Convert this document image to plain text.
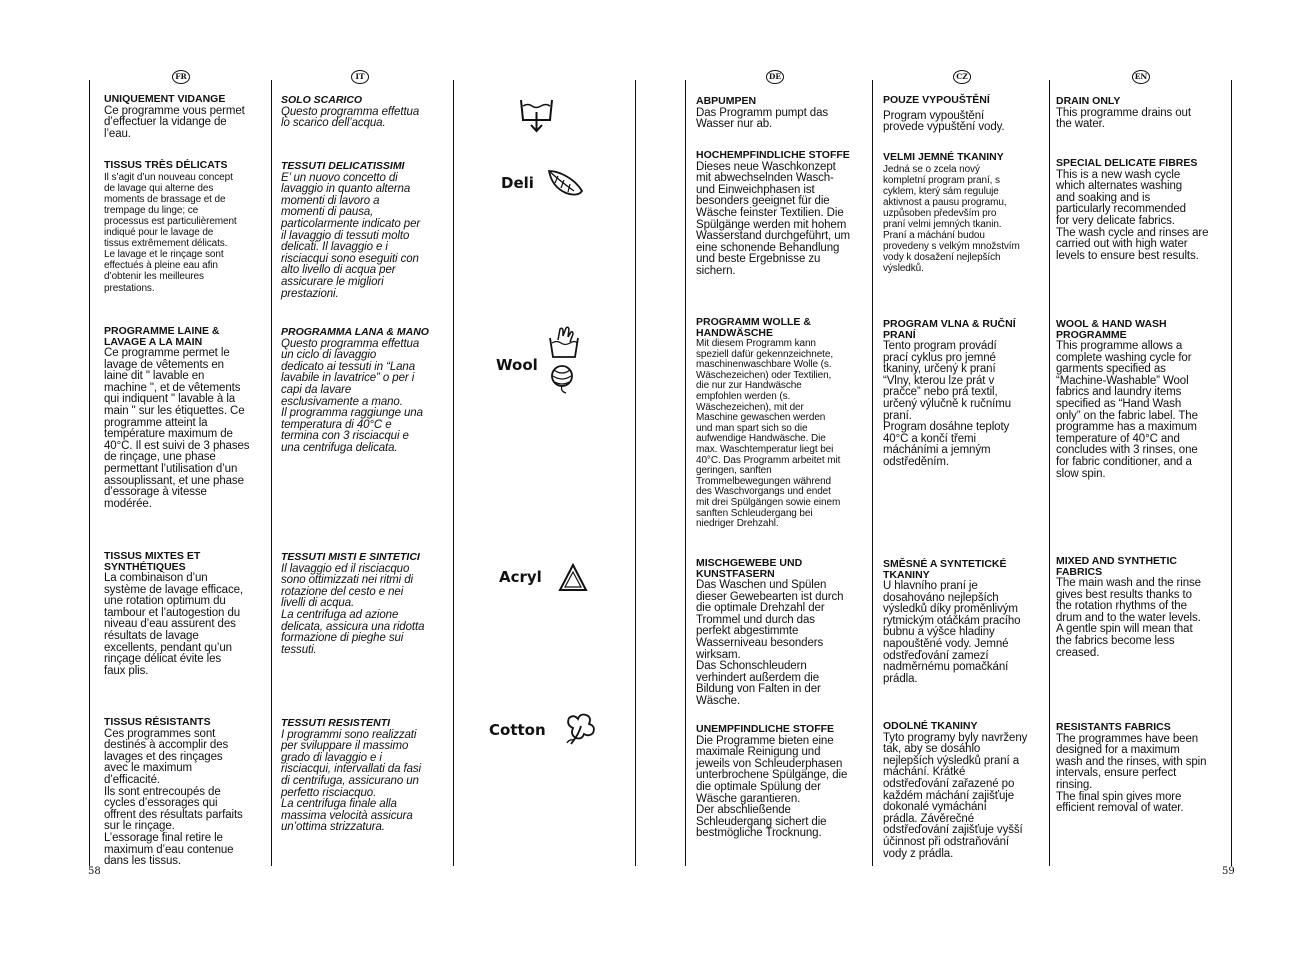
FR
UNIQUEMENT VIDANGE
Ce programme vous permet
d’effectuer la vidange de
l’eau.
TISSUS TRÈS DÉLICATS
Il s’agit d’un nouveau concept
de lavage qui alterne des
moments de brassage et de
trempage du linge; ce
processus est particulièrement
indiqué pour le lavage de
tissus extrêmement délicats.
Le lavage et le rinçage sont
effectués à pleine eau afin
d’obtenir les meilleures
prestations.
PROGRAMME LAINE &
LAVAGE A LA MAIN
Ce programme permet le
lavage de vêtements en
laine dit " lavable en
machine ", et de vêtements
qui indiquent " lavable à la
main " sur les étiquettes. Ce
programme atteint la
température maximum de
40°C. Il est suivi de 3 phases
de rinçage, une phase
permettant l’utilisation d’un
assouplissant, et une phase
d’essorage à vitesse
modérée.
TISSUS MIXTES ET
SYNTHÉTIQUES
La combinaison d’un
système de lavage efficace,
une rotation optimum du
tambour et l’autogestion du
niveau d’eau assurent des
résultats de lavage
excellents, pendant qu’un
rinçage délicat évite les
faux plis.
TISSUS RÉSISTANTS
Ces programmes sont
destinés à accomplir des
lavages et des rinçages
avec le maximum
d’efficacité.
Ils sont entrecoupés de
cycles d’essorages qui
offrent des résultats parfaits
sur le rinçage.
L’essorage final retire le
maximum d’eau contenue
dans les tissus.
IT
SOLO SCARICO
Questo programma effettua
lo scarico dell’acqua.
TESSUTI DELICATISSIMI
E’ un nuovo concetto di
lavaggio in quanto alterna
momenti di lavoro a
momenti di pausa,
particolarmente indicato per
il lavaggio di tessuti molto
delicati. Il lavaggio e i
risciacqui sono eseguiti con
alto livello di acqua per
assicurare le migliori
prestazioni.
PROGRAMMA LANA & MANO
Questo programma effettua
un ciclo di lavaggio
dedicato ai tessuti in “Lana
lavabile in lavatrice” o per i
capi da lavare
esclusivamente a mano.
Il programma raggiunge una
temperatura di 40°C e
termina con 3 risciacqui e
una centrifuga delicata.
TESSUTI MISTI E SINTETICI
Il lavaggio ed il risciacquo
sono ottimizzati nei ritmi di
rotazione del cesto e nei
livelli di acqua.
La centrifuga ad azione
delicata, assicura una ridotta
formazione di pieghe sui
tessuti.
TESSUTI RESISTENTI
I programmi sono realizzati
per sviluppare il massimo
grado di lavaggio e i
risciacqui, intervallati da fasi
di centrifuga, assicurano un
perfetto risciacquo.
La centrifuga finale alla
massima velocità assicura
un’ottima strizzatura.
Deli
Wool
Acryl
Cotton
DE
ABPUMPEN
Das Programm pumpt das
Wasser nur ab.
HOCHEMPFINDLICHE STOFFE
Dieses neue Waschkonzept
mit abwechselnden Wasch-
und Einweichphasen ist
besonders geeignet für die
Wäsche feinster Textilien. Die
Spülgänge werden mit hohem
Wasserstand durchgeführt, um
eine schonende Behandlung
und beste Ergebnisse zu
sichern.
PROGRAMM WOLLE &
HANDWÄSCHE
Mit diesem Programm kann
speziell dafür gekennzeichnete,
maschinenwaschbare Wolle (s.
Wäschezeichen) oder Textilien,
die nur zur Handwäsche
empfohlen werden (s.
Wäschezeichen), mit der
Maschine gewaschen werden
und man spart sich so die
aufwendige Handwäsche. Die
max. Waschtemperatur liegt bei
40°C. Das Programm arbeitet mit
geringen, sanften
Trommelbewegungen während
des Waschvorgangs und endet
mit drei Spülgängen sowie einem
sanften Schleudergang bei
niedriger Drehzahl.
MISCHGEWEBE UND
KUNSTFASERN
Das Waschen und Spülen
dieser Gewebearten ist durch
die optimale Drehzahl der
Trommel und durch das
perfekt abgestimmte
Wasserniveau besonders
wirksam.
Das Schonschleudern
verhindert außerdem die
Bildung von Falten in der
Wäsche.
UNEMPFINDLICHE STOFFE
Die Programme bieten eine
maximale Reinigung und
jeweils von Schleuderphasen
unterbrochene Spülgänge, die
die optimale Spülung der
Wäsche garantieren.
Der abschließende
Schleudergang sichert die
bestmögliche Trocknung.
CZ
POUZE VYPOUŠTĚNÍ
Program vypouštění
provede vypuštění vody.
VELMI JEMNÉ TKANINY
Jedná se o zcela nový
kompletní program praní, s
cyklem, který sám reguluje
aktivnost a pausu programu,
uzpůsoben především pro
praní velmi jemných tkanin.
Praní a máchání budou
provedeny s velkým množstvím
vody k dosažení nejlepších
výsledků.
PROGRAM VLNA & RUČNÍ
PRANÍ
Tento program provádí
prací cyklus pro jemné
tkaniny, určený k praní
“Vlny, kterou lze prát v
pračce” nebo prá textil,
určený výlučně k ručnímu
praní.
Program dosáhne teploty
40°C a končí třemi
mácháními a jemným
odstředěním.
SMĚSNÉ A SYNTETICKÉ
TKANINY
U hlavního praní je
dosahováno nejlepších
výsledků díky proměnlivým
rytmickým otáčkám pracího
bubnu a výšce hladiny
napouštěné vody. Jemné
odstřeďování zamezí
nadměrnému pomačkání
prádla.
ODOLNÉ TKANINY
Tyto programy byly navrženy
tak, aby se dosáhlo
nejlepších výsledků praní a
máchání. Krátké
odstřeďování zařazené po
každém máchání zajišťuje
dokonalé vymáchání
prádla. Závěrečné
odstřeďování zajišťuje vyšší
účinnost při odstraňování
vody z prádla.
EN
DRAIN ONLY
This programme drains out
the water.
SPECIAL DELICATE FIBRES
This is a new wash cycle
which alternates washing
and soaking and is
particularly recommended
for very delicate fabrics.
The wash cycle and rinses are
carried out with high water
levels to ensure best results.
WOOL & HAND WASH
PROGRAMME
This programme allows a
complete washing cycle for
garments specified as
“Machine-Washable” Wool
fabrics and laundry items
specified as “Hand Wash
only” on the fabric label. The
programme has a maximum
temperature of 40°C and
concludes with 3 rinses, one
for fabric conditioner, and a
slow spin.
MIXED AND SYNTHETIC
FABRICS
The main wash and the rinse
gives best results thanks to
the rotation rhythms of the
drum and to the water levels.
A gentle spin will mean that
the fabrics become less
creased.
RESISTANTS FABRICS
The programmes have been
designed for a maximum
wash and the rinses, with spin
intervals, ensure perfect
rinsing.
The final spin gives more
efficient removal of water.
58	59
